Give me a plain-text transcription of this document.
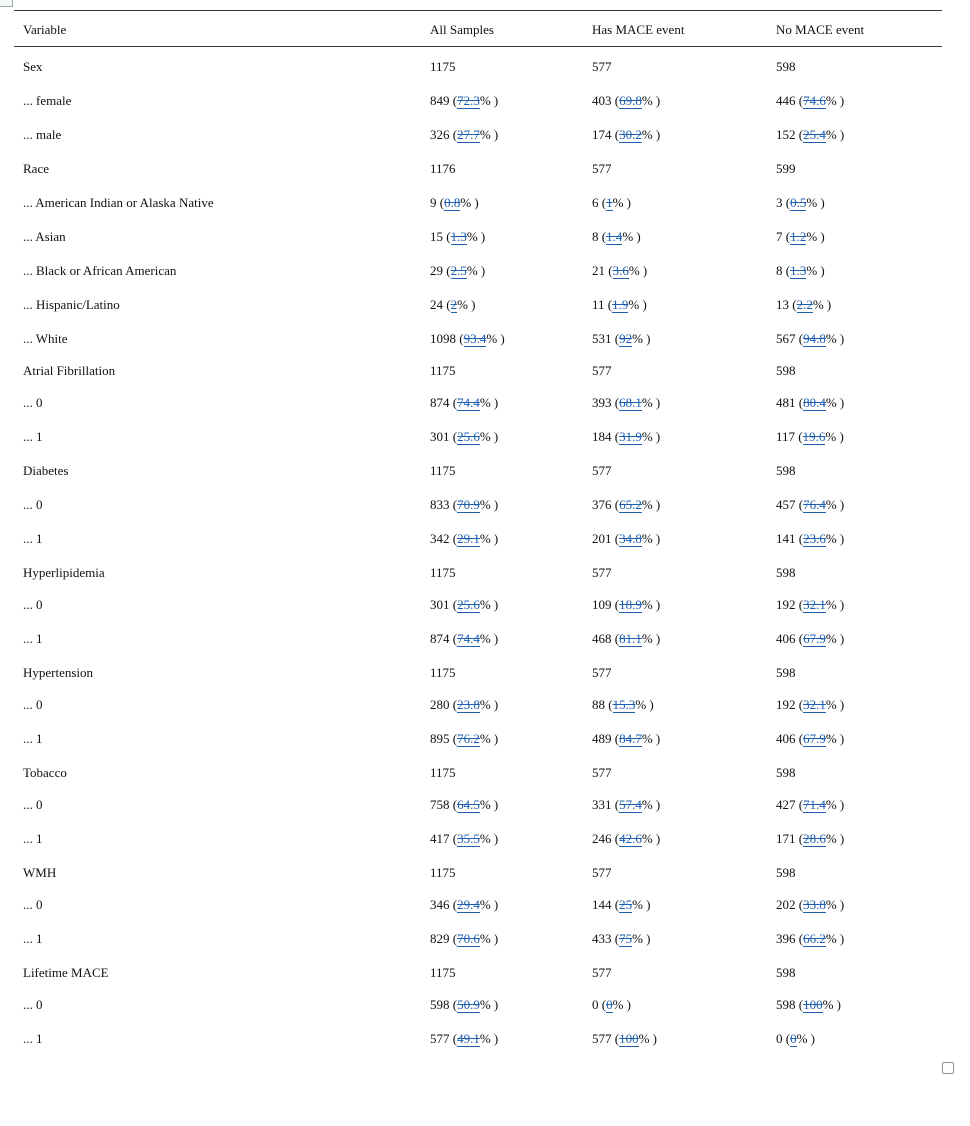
Variable	All Samples	Has MACE event	No MACE event
Sex	1175	577	598
... female	849 (72.3% )	403 (69.8% )	446 (74.6% )
... male	326 (27.7% )	174 (30.2% )	152 (25.4% )
Race	1176	577	599
... American Indian or Alaska Native	9 (0.8% )	6 (1% )	3 (0.5% )
... Asian	15 (1.3% )	8 (1.4% )	7 (1.2% )
... Black or African American	29 (2.5% )	21 (3.6% )	8 (1.3% )
... Hispanic/Latino	24 (2% )	11 (1.9% )	13 (2.2% )
... White	1098 (93.4% )	531 (92% )	567 (94.8% )
Atrial Fibrillation	1175	577	598
... 0	874 (74.4% )	393 (68.1% )	481 (80.4% )
... 1	301 (25.6% )	184 (31.9% )	117 (19.6% )
Diabetes	1175	577	598
... 0	833 (70.9% )	376 (65.2% )	457 (76.4% )
... 1	342 (29.1% )	201 (34.8% )	141 (23.6% )
Hyperlipidemia	1175	577	598
... 0	301 (25.6% )	109 (18.9% )	192 (32.1% )
... 1	874 (74.4% )	468 (81.1% )	406 (67.9% )
Hypertension	1175	577	598
... 0	280 (23.8% )	88 (15.3% )	192 (32.1% )
... 1	895 (76.2% )	489 (84.7% )	406 (67.9% )
Tobacco	1175	577	598
... 0	758 (64.5% )	331 (57.4% )	427 (71.4% )
... 1	417 (35.5% )	246 (42.6% )	171 (28.6% )
WMH	1175	577	598
... 0	346 (29.4% )	144 (25% )	202 (33.8% )
... 1	829 (70.6% )	433 (75% )	396 (66.2% )
Lifetime MACE	1175	577	598
... 0	598 (50.9% )	0 (0% )	598 (100% )
... 1	577 (49.1% )	577 (100% )	0 (0% )
